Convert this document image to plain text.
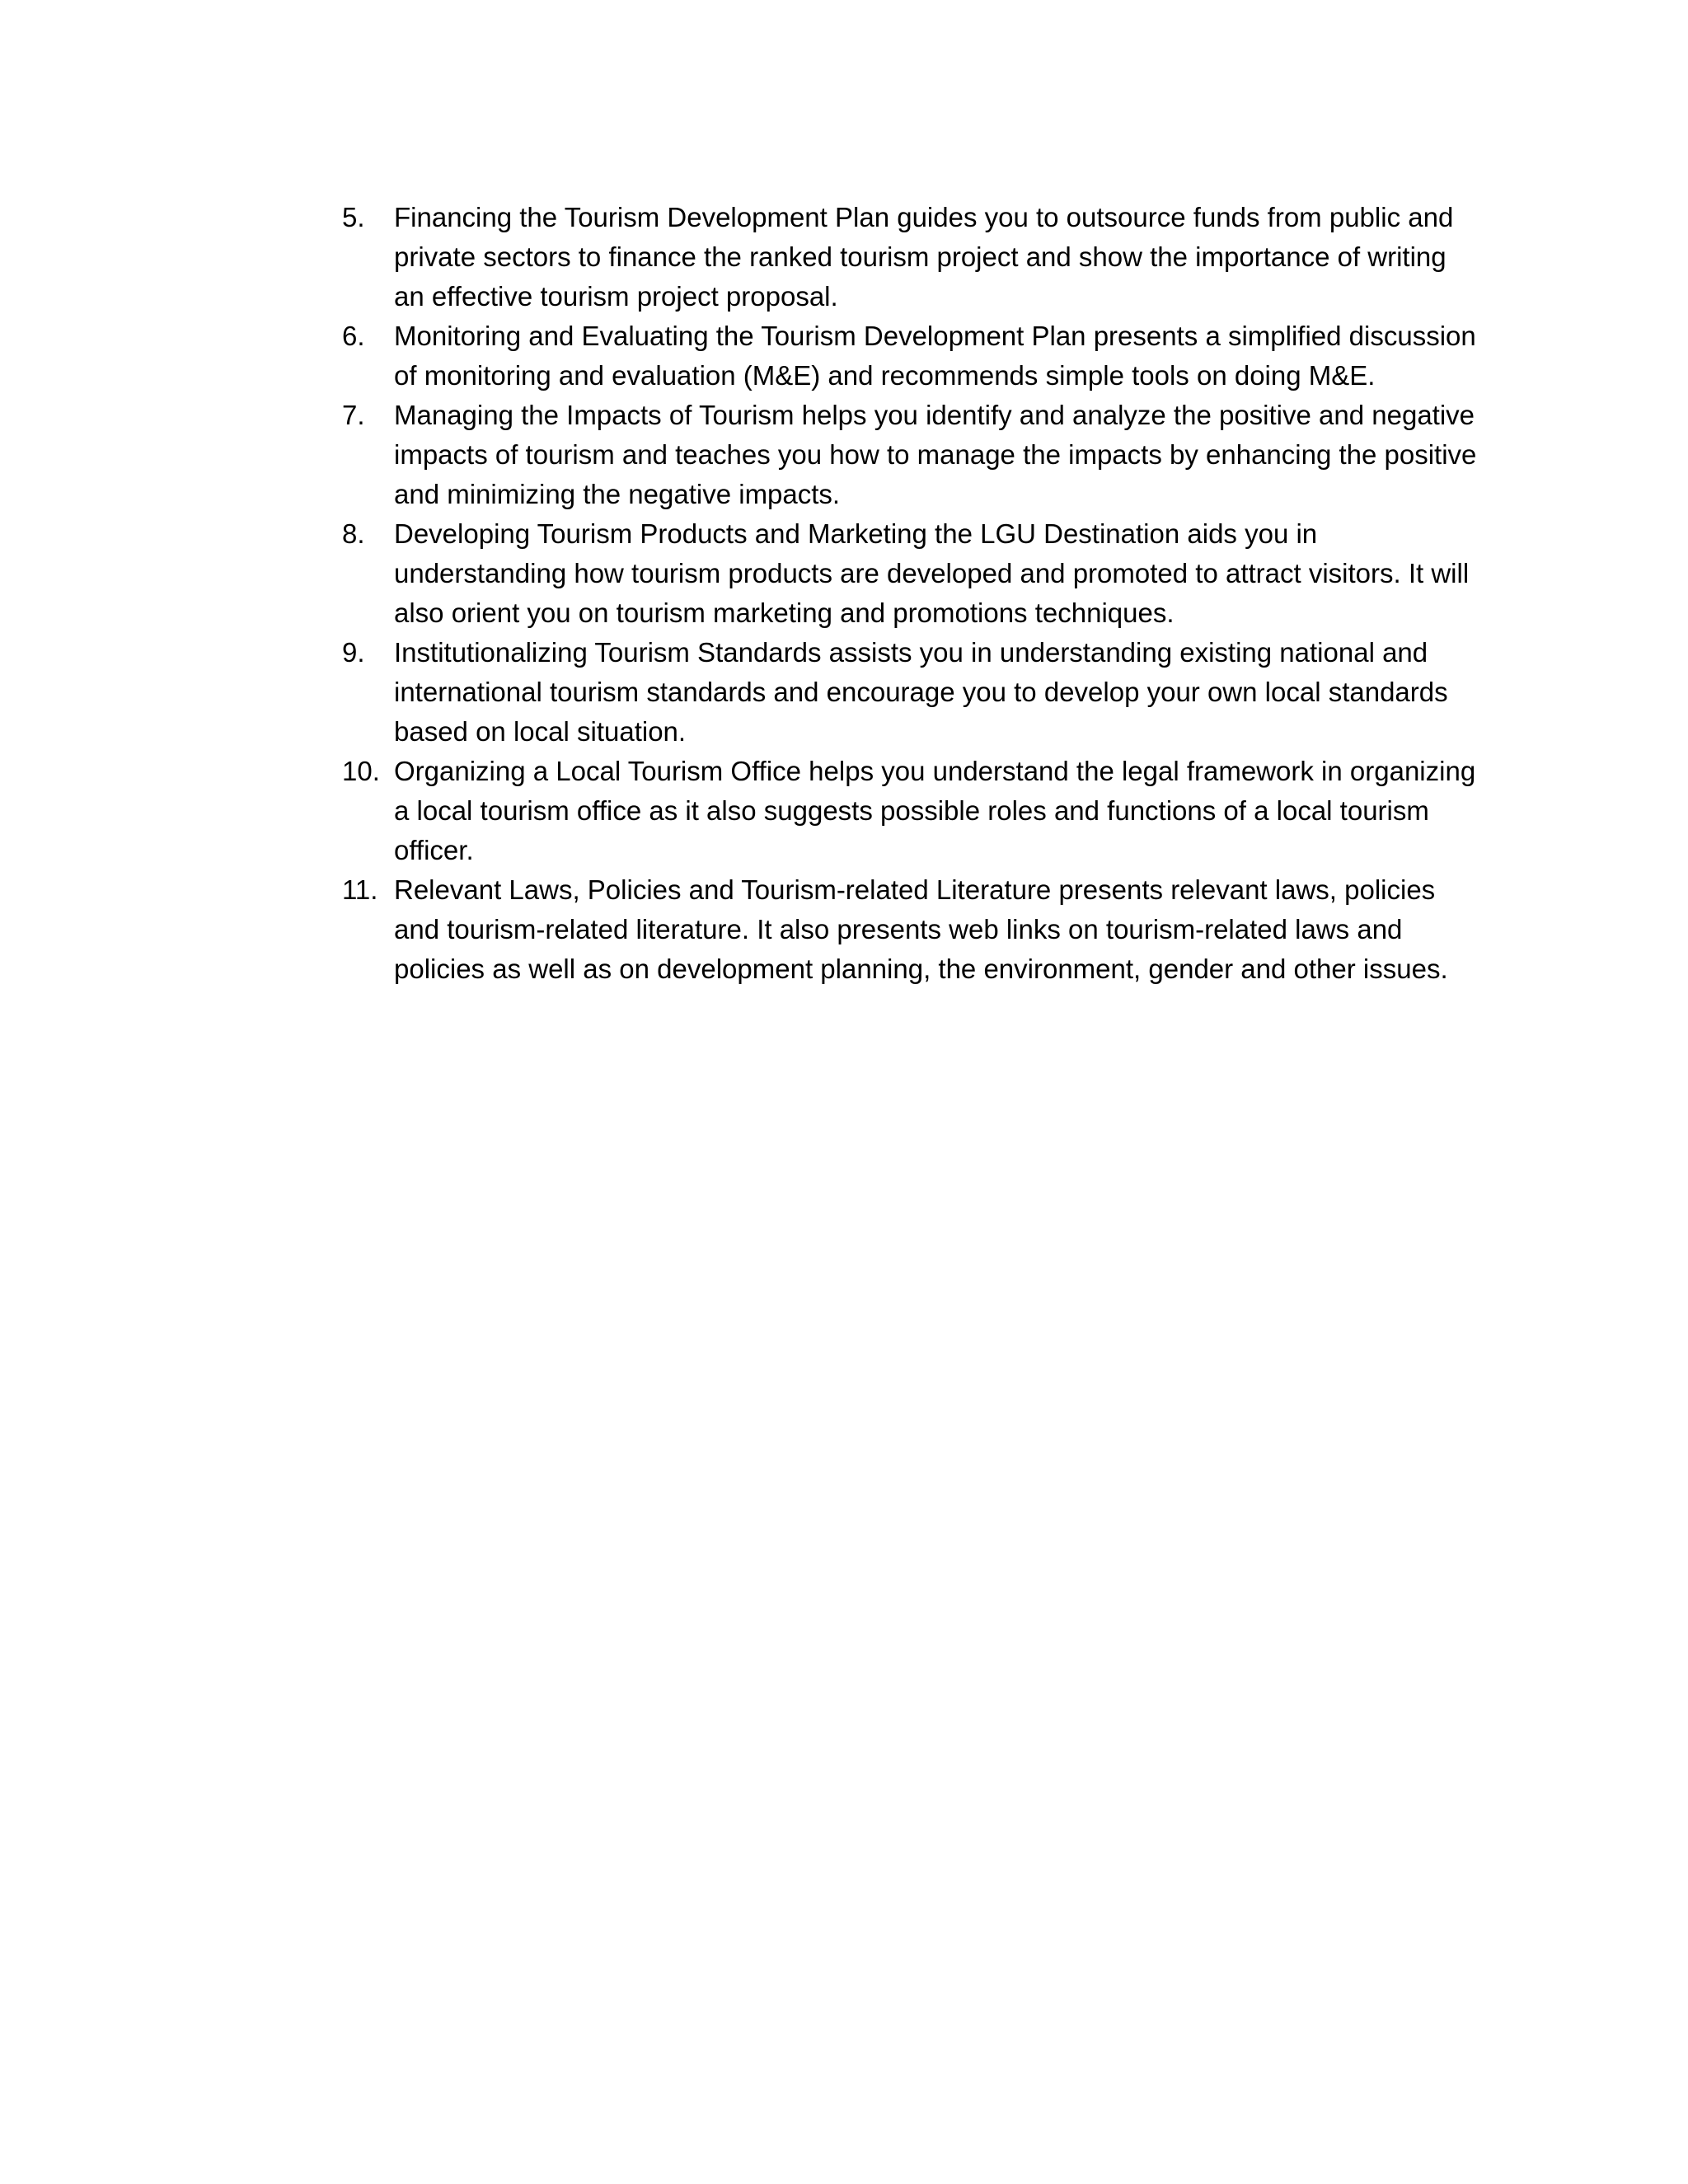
5.	Financing the Tourism Development Plan guides you to outsource funds from public and private sectors to finance the ranked tourism project and show the importance of writing an effective tourism project proposal.
6.	Monitoring and Evaluating the Tourism Development Plan presents a simplified discussion of monitoring and evaluation (M&E) and recommends simple tools on doing M&E.
7.	Managing the Impacts of Tourism helps you identify and analyze the positive and negative impacts of tourism and teaches you how to manage the impacts by enhancing the positive and minimizing the negative impacts.
8.	Developing Tourism Products and Marketing the LGU Destination aids you in understanding how tourism products are developed and promoted to attract visitors. It will also orient you on tourism marketing and promotions techniques.
9.	Institutionalizing Tourism Standards assists you in understanding existing national and international tourism standards and encourage you to develop your own local standards based on local situation.
10. Organizing a Local Tourism Office helps you understand the legal framework in organizing a local tourism office as it also suggests possible roles and functions of a local tourism officer.
11. Relevant Laws, Policies and Tourism-related Literature presents relevant laws, policies and tourism-related literature. It also presents web links on tourism-related laws and policies as well as on development planning, the environment, gender and other issues.
